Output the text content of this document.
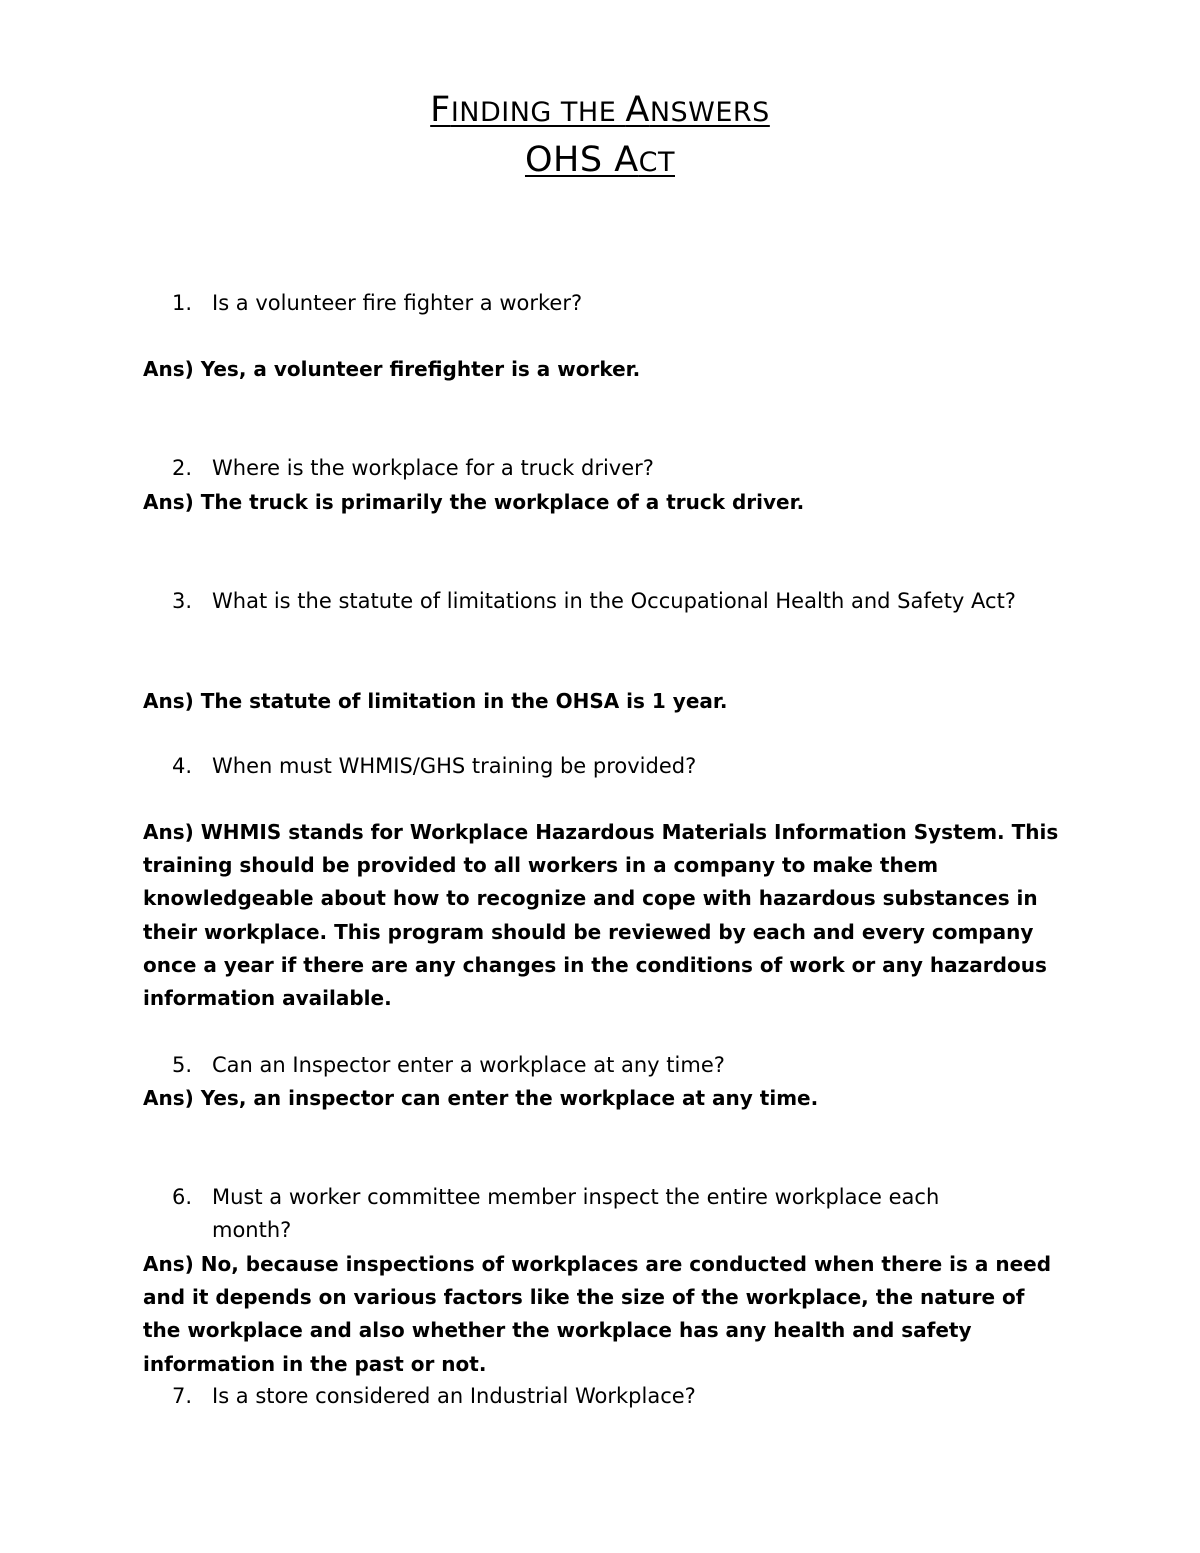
FINDING THE ANSWERS
OHS ACT
1. Is a volunteer fire fighter a worker?
Ans) Yes, a volunteer firefighter is a worker.
2. Where is the workplace for a truck driver?
Ans) The truck is primarily the workplace of a truck driver.
3. What is the statute of limitations in the Occupational Health and Safety Act?
Ans) The statute of limitation in the OHSA is 1 year.
4. When must WHMIS/GHS training be provided?
Ans) WHMIS stands for Workplace Hazardous Materials Information System. This training should be provided to all workers in a company to make them knowledgeable about how to recognize and cope with hazardous substances in their workplace. This program should be reviewed by each and every company once a year if there are any changes in the conditions of work or any hazardous information available.
5. Can an Inspector enter a workplace at any time?
Ans) Yes, an inspector can enter the workplace at any time.
6. Must a worker committee member inspect the entire workplace each month?
Ans) No, because inspections of workplaces are conducted when there is a need and it depends on various factors like the size of the workplace, the nature of the workplace and also whether the workplace has any health and safety information in the past or not.
7. Is a store considered an Industrial Workplace?
